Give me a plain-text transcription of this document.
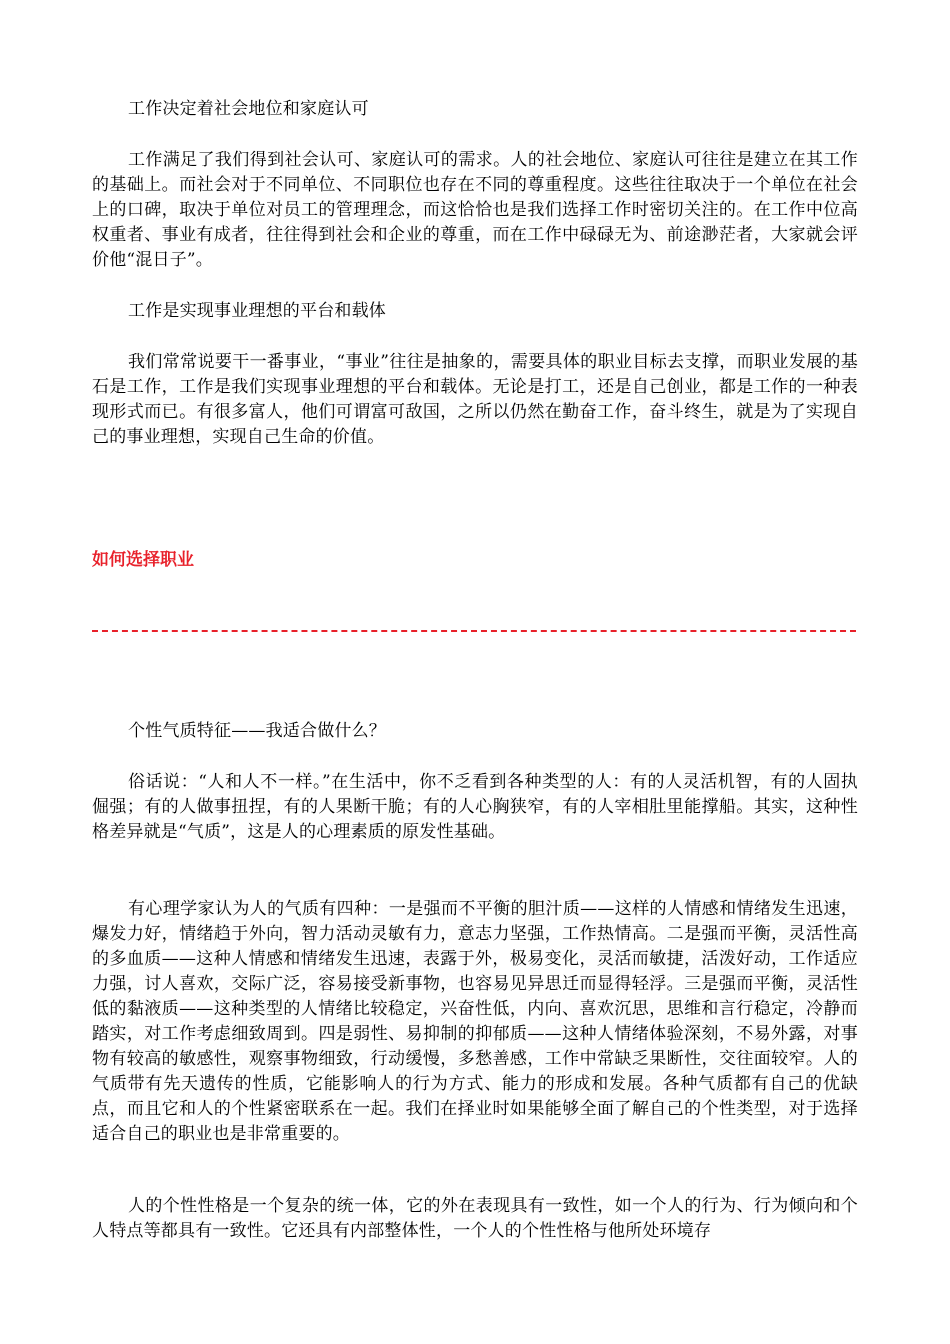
工作决定着社会地位和家庭认可

工作满足了我们得到社会认可、家庭认可的需求。人的社会地位、家庭认可往往是建立在其工作的基础上。而社会对于不同单位、不同职位也存在不同的尊重程度。这些往往取决于一个单位在社会上的口碑，取决于单位对员工的管理理念，而这恰恰也是我们选择工作时密切关注的。在工作中位高权重者、事业有成者，往往得到社会和企业的尊重，而在工作中碌碌无为、前途渺茫者，大家就会评价他“混日子”。

工作是实现事业理想的平台和载体

我们常常说要干一番事业，“事业”往往是抽象的，需要具体的职业目标去支撑，而职业发展的基石是工作，工作是我们实现事业理想的平台和载体。无论是打工，还是自己创业，都是工作的一种表现形式而已。有很多富人，他们可谓富可敌国，之所以仍然在勤奋工作，奋斗终生，就是为了实现自己的事业理想，实现自己生命的价值。

如何选择职业

个性气质特征——我适合做什么？

俗话说：“人和人不一样。”在生活中，你不乏看到各种类型的人：有的人灵活机智，有的人固执倔强；有的人做事扭捏，有的人果断干脆；有的人心胸狭窄，有的人宰相肚里能撑船。其实，这种性格差异就是“气质”，这是人的心理素质的原发性基础。

有心理学家认为人的气质有四种：一是强而不平衡的胆汁质——这样的人情感和情绪发生迅速，爆发力好，情绪趋于外向，智力活动灵敏有力，意志力坚强，工作热情高。二是强而平衡，灵活性高的多血质——这种人情感和情绪发生迅速，表露于外，极易变化，灵活而敏捷，活泼好动，工作适应力强，讨人喜欢，交际广泛，容易接受新事物，也容易见异思迁而显得轻浮。三是强而平衡，灵活性低的黏液质——这种类型的人情绪比较稳定，兴奋性低，内向、喜欢沉思，思维和言行稳定，冷静而踏实，对工作考虑细致周到。四是弱性、易抑制的抑郁质——这种人情绪体验深刻，不易外露，对事物有较高的敏感性，观察事物细致，行动缓慢，多愁善感，工作中常缺乏果断性，交往面较窄。人的气质带有先天遗传的性质，它能影响人的行为方式、能力的形成和发展。各种气质都有自己的优缺点，而且它和人的个性紧密联系在一起。我们在择业时如果能够全面了解自己的个性类型，对于选择适合自己的职业也是非常重要的。

人的个性性格是一个复杂的统一体，它的外在表现具有一致性，如一个人的行为、行为倾向和个人特点等都具有一致性。它还具有内部整体性，一个人的个性性格与他所处环境存
